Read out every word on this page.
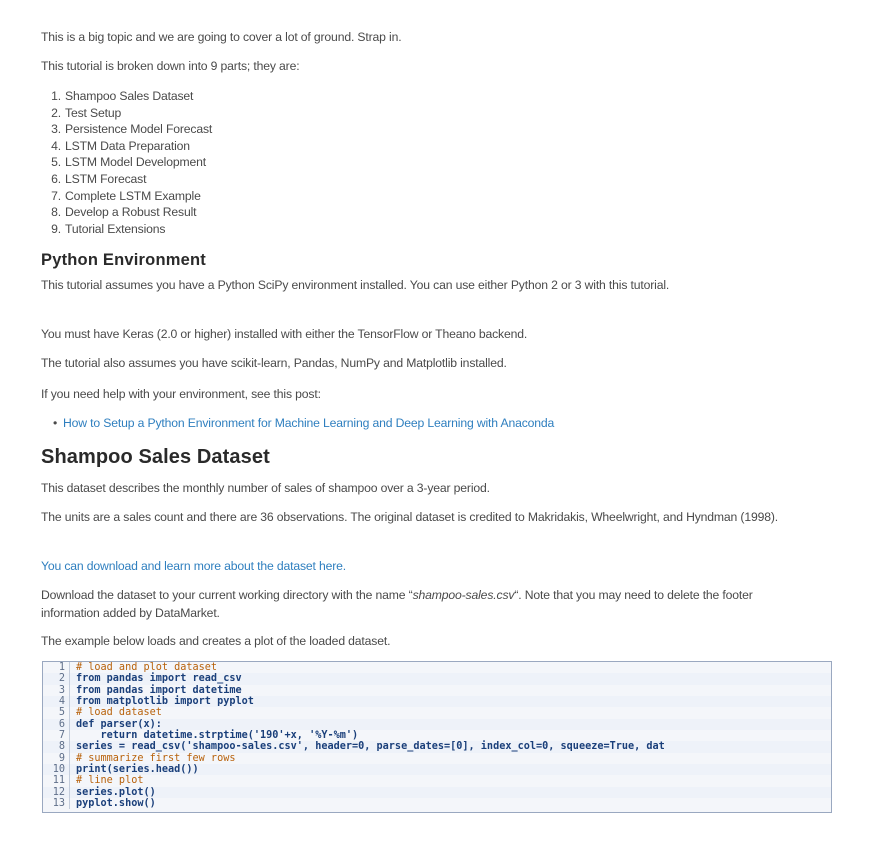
This is a big topic and we are going to cover a lot of ground. Strap in.

This tutorial is broken down into 9 parts; they are:

1. Shampoo Sales Dataset
2. Test Setup
3. Persistence Model Forecast
4. LSTM Data Preparation
5. LSTM Model Development
6. LSTM Forecast
7. Complete LSTM Example
8. Develop a Robust Result
9. Tutorial Extensions
Python Environment

This tutorial assumes you have a Python SciPy environment installed. You can use either Python 2 or 3 with this tutorial.

You must have Keras (2.0 or higher) installed with either the TensorFlow or Theano backend.

The tutorial also assumes you have scikit-learn, Pandas, NumPy and Matplotlib installed.

If you need help with your environment, see this post:

• How to Setup a Python Environment for Machine Learning and Deep Learning with Anaconda
Shampoo Sales Dataset

This dataset describes the monthly number of sales of shampoo over a 3-year period.

The units are a sales count and there are 36 observations. The original dataset is credited to Makridakis, Wheelwright, and Hyndman (1998).

You can download and learn more about the dataset here.

Download the dataset to your current working directory with the name “shampoo-sales.csv“. Note that you may need to delete the footer information added by DataMarket.

The example below loads and creates a plot of the loaded dataset.

1	# load and plot dataset
2	from pandas import read_csv
3	from pandas import datetime
4	from matplotlib import pyplot
5	# load dataset
6	def parser(x):
7	return datetime.strptime('190'+x, '%Y-%m')
8	series = read_csv('shampoo-sales.csv', header=0, parse_dates=[0], index_col=0, squeeze=True, dat
9	# summarize first few rows
10	print(series.head())
11	# line plot
12	series.plot()
13	pyplot.show()
